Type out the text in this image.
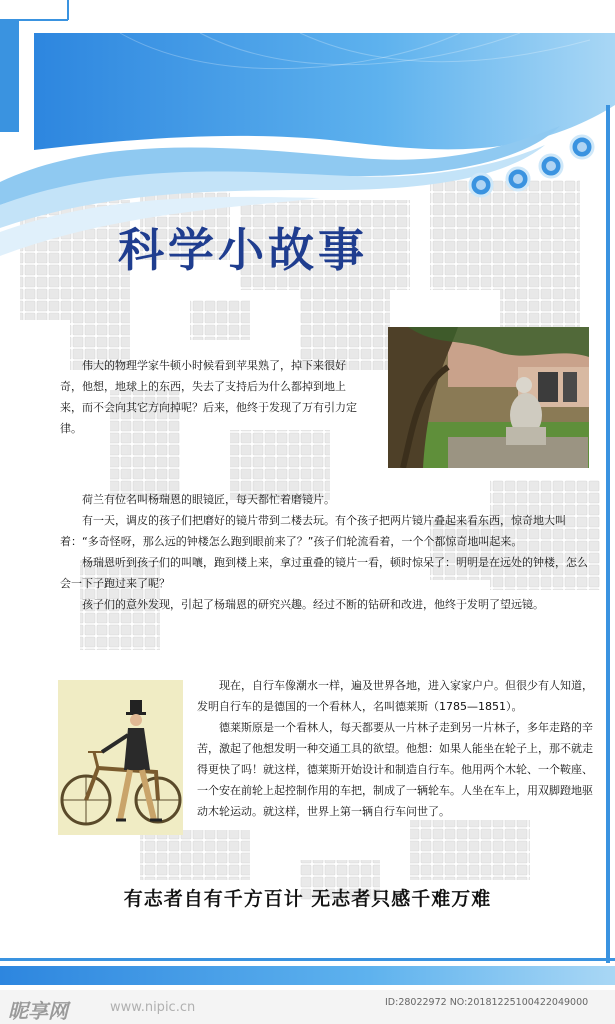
科学小故事

伟大的物理学家牛顿小时候看到苹果熟了，掉下来很好奇，他想，地球上的东西，失去了支持后为什么都掉到地上来，而不会向其它方向掉呢？后来，他终于发现了万有引力定律。

荷兰有位名叫杨瑞恩的眼镜匠，每天都忙着磨镜片。

有一天，调皮的孩子们把磨好的镜片带到二楼去玩。有个孩子把两片镜片叠起来看东西，惊奇地大叫着：“多奇怪呀，那么远的钟楼怎么跑到眼前来了？”孩子们轮流看着，一个个都惊奇地叫起来。

杨瑞恩听到孩子们的叫嚷，跑到楼上来，拿过重叠的镜片一看，顿时惊呆了：明明是在远处的钟楼，怎么会一下子跑过来了呢？

孩子们的意外发现，引起了杨瑞恩的研究兴趣。经过不断的钻研和改进，他终于发明了望远镜。

现在，自行车像潮水一样，遍及世界各地，进入家家户户。但很少有人知道，发明自行车的是德国的一个看林人，名叫德莱斯（1785—1851）。

德莱斯原是一个看林人，每天都要从一片林子走到另一片林子，多年走路的辛苦，激起了他想发明一种交通工具的欲望。他想：如果人能坐在轮子上，那不就走得更快了吗！就这样，德莱斯开始设计和制造自行车。他用两个木轮、一个鞍座、一个安在前轮上起控制作用的车把，制成了一辆轮车。人坐在车上，用双脚蹬地驱动木轮运动。就这样，世界上第一辆自行车问世了。

有志者自有千方百计 无志者只感千难万难
昵享网	www.nipic.cn	ID:28022972 NO:20181225100422049000
